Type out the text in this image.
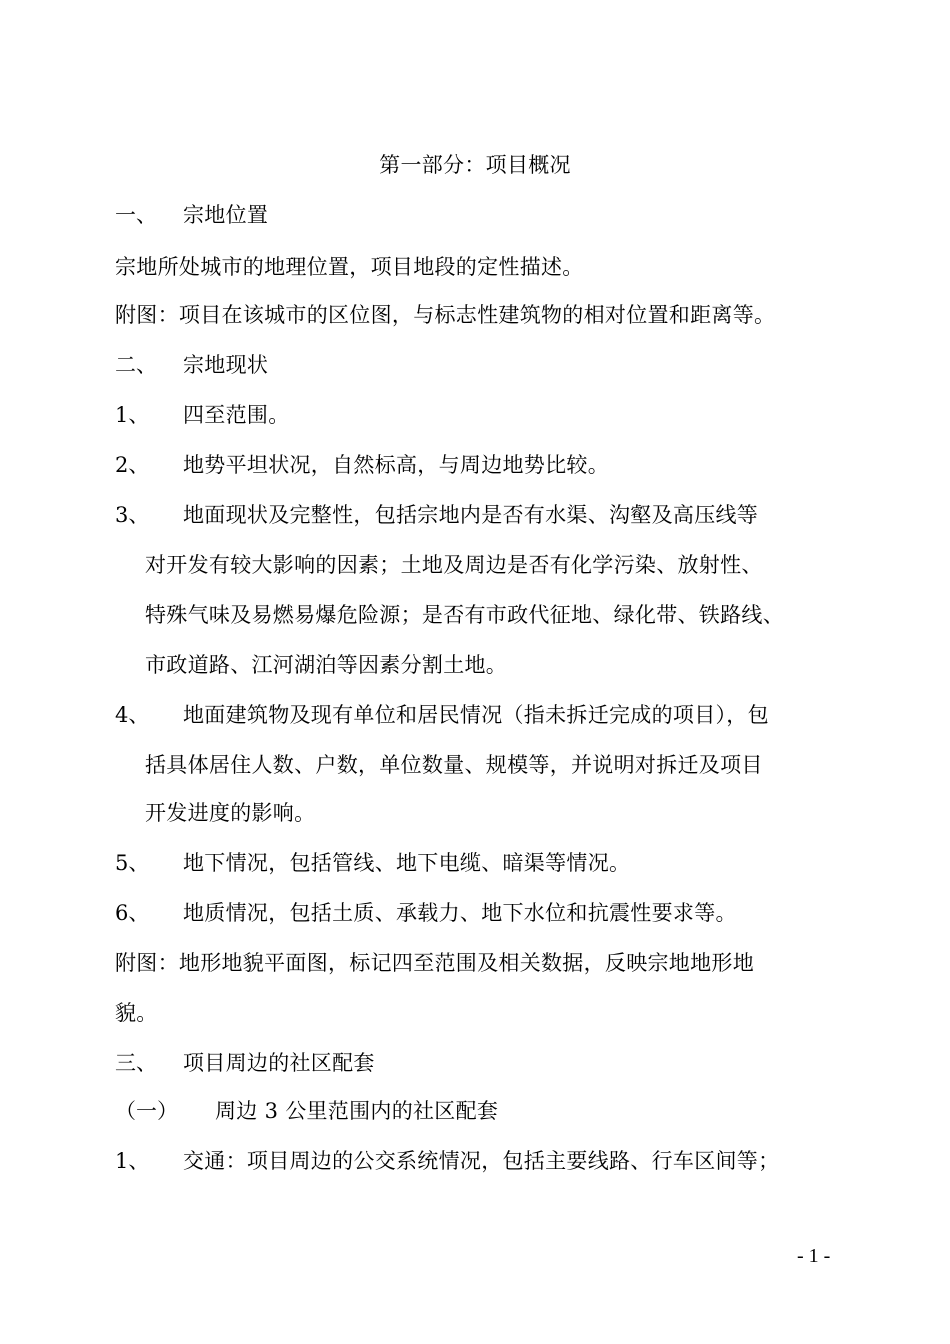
第一部分：项目概况
一、 宗地位置
宗地所处城市的地理位置，项目地段的定性描述。
附图：项目在该城市的区位图，与标志性建筑物的相对位置和距离等。
二、 宗地现状
1、 四至范围。
2、 地势平坦状况，自然标高，与周边地势比较。
3、 地面现状及完整性，包括宗地内是否有水渠、沟壑及高压线等
对开发有较大影响的因素；土地及周边是否有化学污染、放射性、
特殊气味及易燃易爆危险源；是否有市政代征地、绿化带、铁路线、
市政道路、江河湖泊等因素分割土地。
4、 地面建筑物及现有单位和居民情况（指未拆迁完成的项目），包
括具体居住人数、户数，单位数量、规模等，并说明对拆迁及项目
开发进度的影响。
5、 地下情况，包括管线、地下电缆、暗渠等情况。
6、 地质情况，包括土质、承载力、地下水位和抗震性要求等。
附图：地形地貌平面图，标记四至范围及相关数据，反映宗地地形地
貌。
三、 项目周边的社区配套
（一） 周边 3 公里范围内的社区配套
1、 交通：项目周边的公交系统情况，包括主要线路、行车区间等；
- 1 -
